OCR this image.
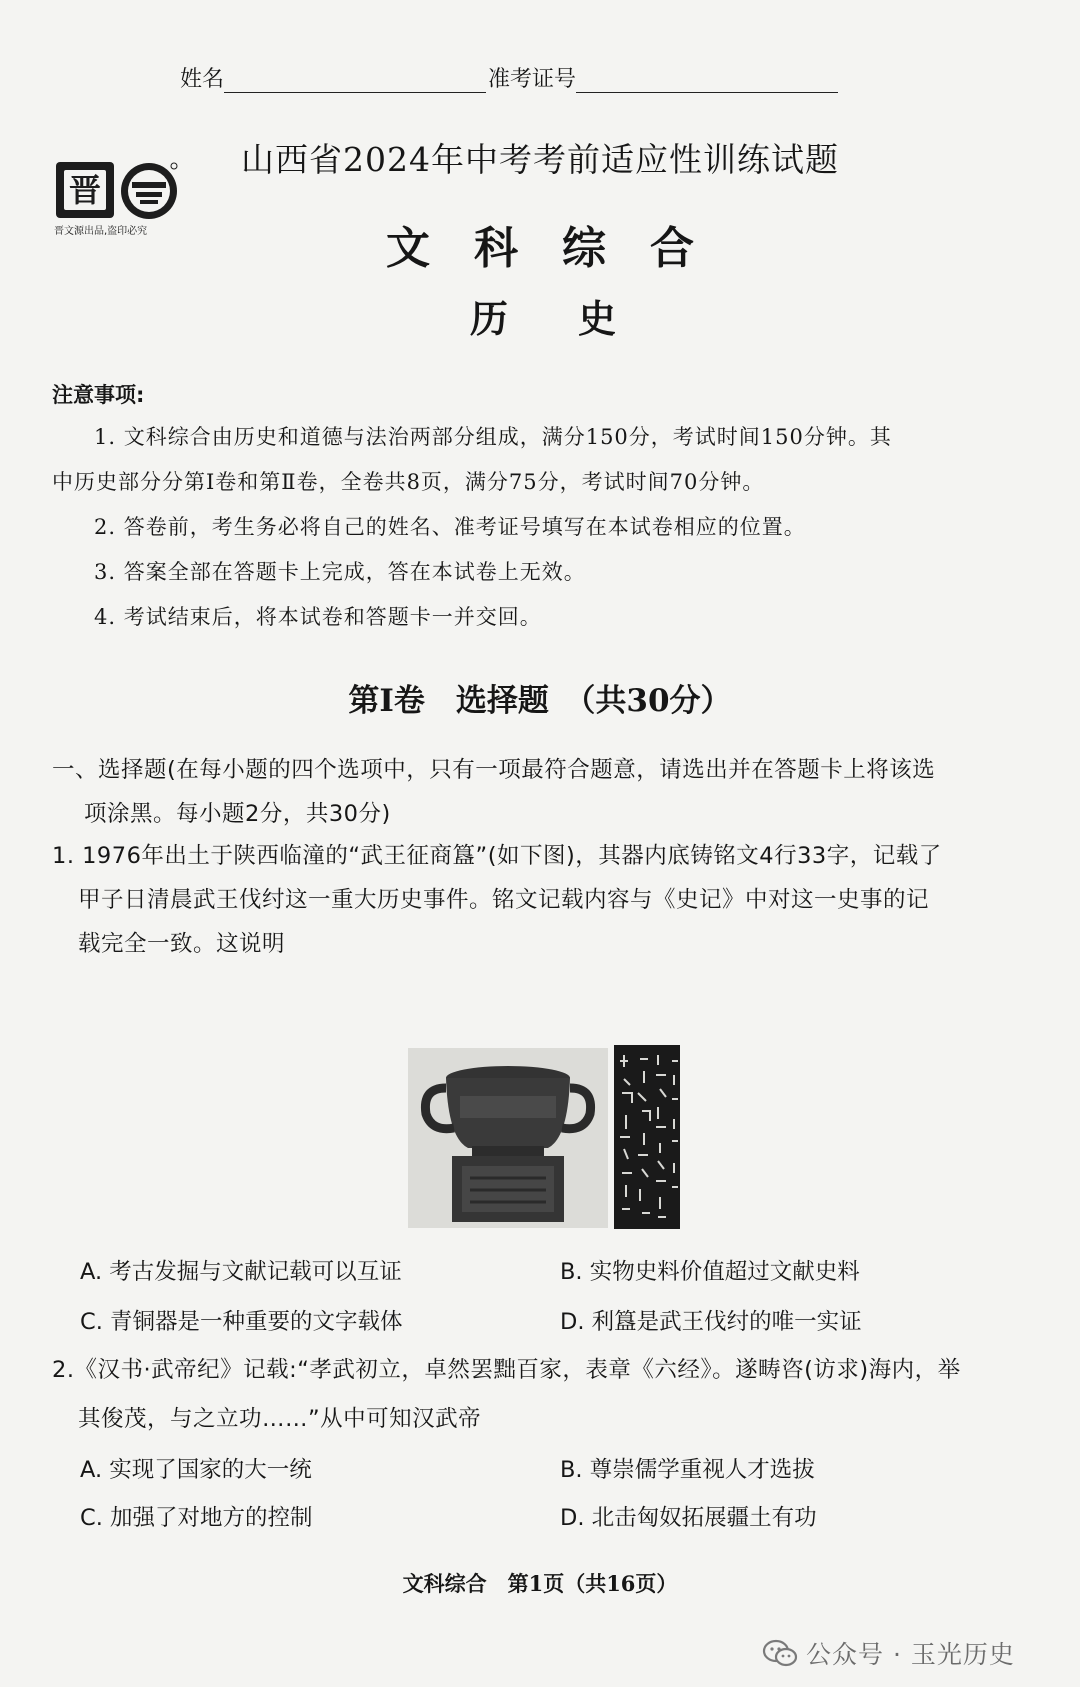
姓名	准考证号
晋
晋文源出品,盗印必究
山西省2024年中考考前适应性训练试题
文科综合
历史
注意事项:
1. 文科综合由历史和道德与法治两部分组成，满分150分，考试时间150分钟。其
中历史部分分第Ⅰ卷和第Ⅱ卷，全卷共8页，满分75分，考试时间70分钟。
2. 答卷前，考生务必将自己的姓名、准考证号填写在本试卷相应的位置。
3. 答案全部在答题卡上完成，答在本试卷上无效。
4. 考试结束后，将本试卷和答题卡一并交回。
第Ⅰ卷　选择题　（共30分）
一、选择题(在每小题的四个选项中，只有一项最符合题意，请选出并在答题卡上将该选
项涂黑。每小题2分，共30分)
1. 1976年出土于陕西临潼的“武王征商簋”(如下图)，其器内底铸铭文4行33字，记载了
甲子日清晨武王伐纣这一重大历史事件。铭文记载内容与《史记》中对这一史事的记
载完全一致。这说明
A. 考古发掘与文献记载可以互证	B. 实物史料价值超过文献史料
C. 青铜器是一种重要的文字载体	D. 利簋是武王伐纣的唯一实证
2.《汉书·武帝纪》记载:“孝武初立，卓然罢黜百家，表章《六经》。遂畴咨(访求)海内，举
其俊茂，与之立功……”从中可知汉武帝
A. 实现了国家的大一统	B. 尊崇儒学重视人才选拔
C. 加强了对地方的控制	D. 北击匈奴拓展疆土有功
文科综合　第1页（共16页）
公众号 · 玉光历史
